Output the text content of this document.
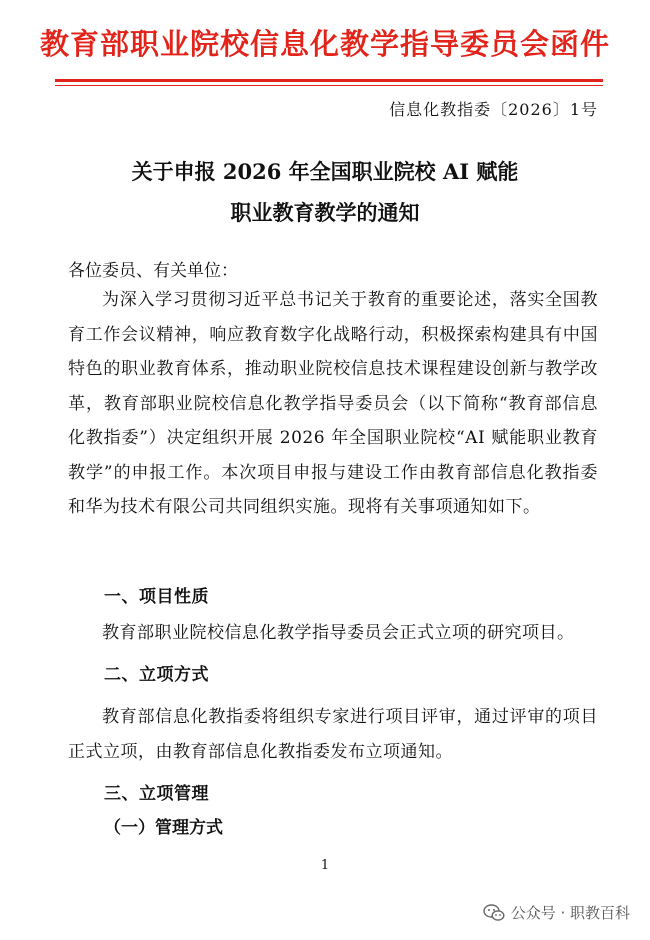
教育部职业院校信息化教学指导委员会函件
信息化教指委〔2026〕1号
关于申报 2026 年全国职业院校 AI 赋能
职业教育教学的通知
各位委员、有关单位：

为深入学习贯彻习近平总书记关于教育的重要论述，落实全国教育工作会议精神，响应教育数字化战略行动，积极探索构建具有中国特色的职业教育体系，推动职业院校信息技术课程建设创新与教学改革，教育部职业院校信息化教学指导委员会（以下简称“教育部信息化教指委”）决定组织开展 2026 年全国职业院校“AI 赋能职业教育教学”的申报工作。本次项目申报与建设工作由教育部信息化教指委和华为技术有限公司共同组织实施。现将有关事项通知如下。

一、项目性质

教育部职业院校信息化教学指导委员会正式立项的研究项目。

二、立项方式

教育部信息化教指委将组织专家进行项目评审，通过评审的项目正式立项，由教育部信息化教指委发布立项通知。

三、立项管理
（一）管理方式
1
公众号 · 职教百科
